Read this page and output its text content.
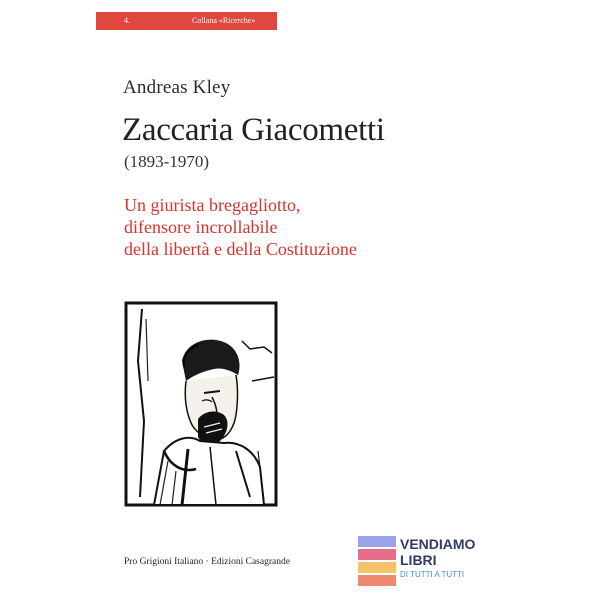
4.	Collana «Ricerche»
Andreas Kley
Zaccaria Giacometti
(1893-1970)
Un giurista bregagliotto,
difensore incrollabile
della libertà e della Costituzione
Pro Grigioni Italiano · Edizioni Casagrande
VENDIAMO
LIBRI
DI TUTTI A TUTTI
